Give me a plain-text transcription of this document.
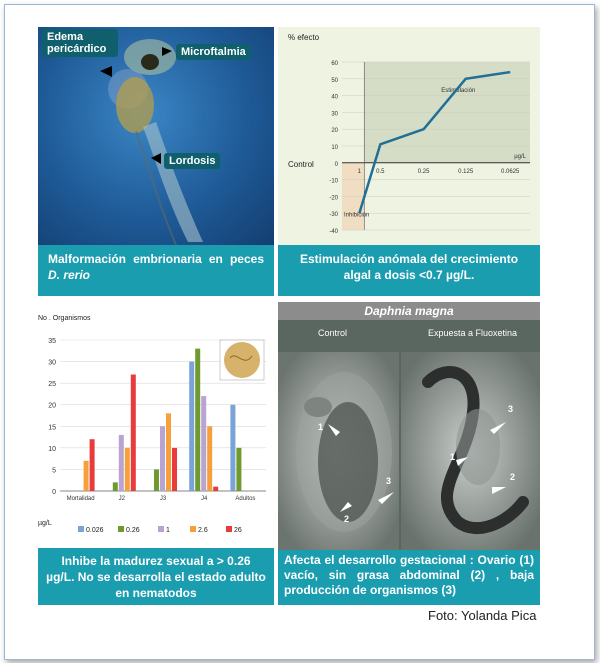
Edema pericárdico	Microftalmia
Lordosis
Malformación embrionaria en peces D. rerio
60
50
40
30
20
10
0
-10
-20
-30
-40
1	0.5	0.25	0.125	0.0625
µg/L
% efecto
Control
Estimulación
Inhibición
Estimulación anómala del crecimiento algal a dosis <0.7 µg/L.
No . Organismos
35
30
25
20
15
10
5
0
Mortalidad	J2	J3	J4	Adultos
µg/L
0.026	0.26	1	2.6	26
Inhibe la madurez sexual a > 0.26 µg/L. No se desarrolla el estado adulto en nematodos
Daphnia magna
Control	Expuesta a Fluoxetina
1
2
3
1
2
3
Afecta el desarrollo gestacional : Ovario (1) vacío, sin grasa abdominal (2) , baja producción de organismos (3)
Foto: Yolanda Pica
